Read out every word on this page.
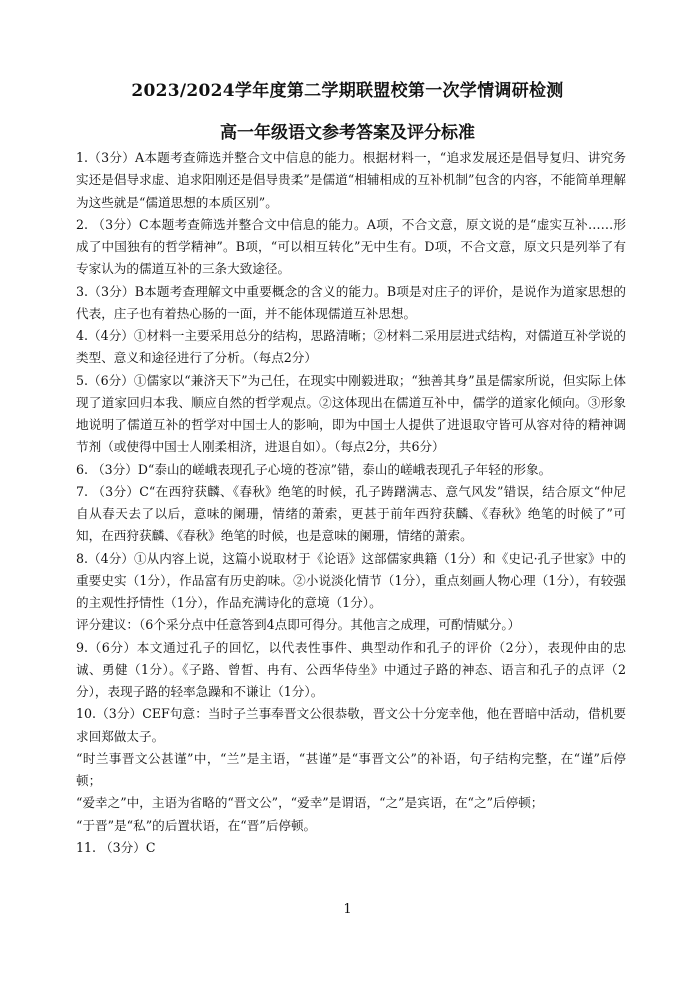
2023/2024学年度第二学期联盟校第一次学情调研检测
高一年级语文参考答案及评分标准

1.（3分）A本题考查筛选并整合文中信息的能力。根据材料一，“追求发展还是倡导复归、讲究务实还是倡导求虚、追求阳刚还是倡导贵柔”是儒道“相辅相成的互补机制”包含的内容，不能简单理解为这些就是“儒道思想的本质区别”。

2. （3分）C本题考查筛选并整合文中信息的能力。A项，不合文意，原文说的是“虚实互补……形成了中国独有的哲学精神”。B项，“可以相互转化”无中生有。D项，不合文意，原文只是列举了有专家认为的儒道互补的三条大致途径。

3.（3分）B本题考查理解文中重要概念的含义的能力。B项是对庄子的评价，是说作为道家思想的代表，庄子也有着热心肠的一面，并不能体现儒道互补思想。

4.（4分）①材料一主要采用总分的结构，思路清晰；②材料二采用层进式结构，对儒道互补学说的类型、意义和途径进行了分析。（每点2分）

5.（6分）①儒家以“兼济天下”为己任，在现实中刚毅进取；“独善其身”虽是儒家所说，但实际上体现了道家回归本我、顺应自然的哲学观点。②这体现出在儒道互补中，儒学的道家化倾向。③形象地说明了儒道互补的哲学对中国士人的影响，即为中国士人提供了进退取守皆可从容对待的精神调节剂（或使得中国士人刚柔相济，进退自如）。（每点2分，共6分）

6. （3分）D“泰山的嵯峨表现孔子心境的苍凉”错，泰山的嵯峨表现孔子年轻的形象。

7. （3分）C“在西狩获麟、《春秋》绝笔的时候，孔子踌躇满志、意气风发”错误，结合原文“仲尼自从春天去了以后，意味的阑珊，情绪的萧索，更甚于前年西狩获麟、《春秋》绝笔的时候了”可知，在西狩获麟、《春秋》绝笔的时候，也是意味的阑珊，情绪的萧索。

8.（4分）①从内容上说，这篇小说取材于《论语》这部儒家典籍（1分）和《史记·孔子世家》中的重要史实（1分），作品富有历史韵味。②小说淡化情节（1分），重点刻画人物心理（1分），有较强的主观性抒情性（1分），作品充满诗化的意境（1分）。

评分建议：（6个采分点中任意答到4点即可得分。其他言之成理，可酌情赋分。）

9.（6分）本文通过孔子的回忆，以代表性事件、典型动作和孔子的评价（2分），表现仲由的忠诚、勇健（1分）。《子路、曾皙、冉有、公西华侍坐》中通过子路的神态、语言和孔子的点评（2分），表现子路的轻率急躁和不谦让（1分）。

10.（3分）CEF句意：当时子兰事奉晋文公很恭敬，晋文公十分宠幸他，他在晋暗中活动，借机要求回郑做太子。

“时兰事晋文公甚谨”中，“兰”是主语，“甚谨”是“事晋文公”的补语，句子结构完整，在“谨”后停顿；

“爱幸之”中，主语为省略的“晋文公”，“爱幸”是谓语，“之”是宾语，在“之”后停顿；

“于晋”是“私”的后置状语，在“晋”后停顿。

11. （3分）C

1
